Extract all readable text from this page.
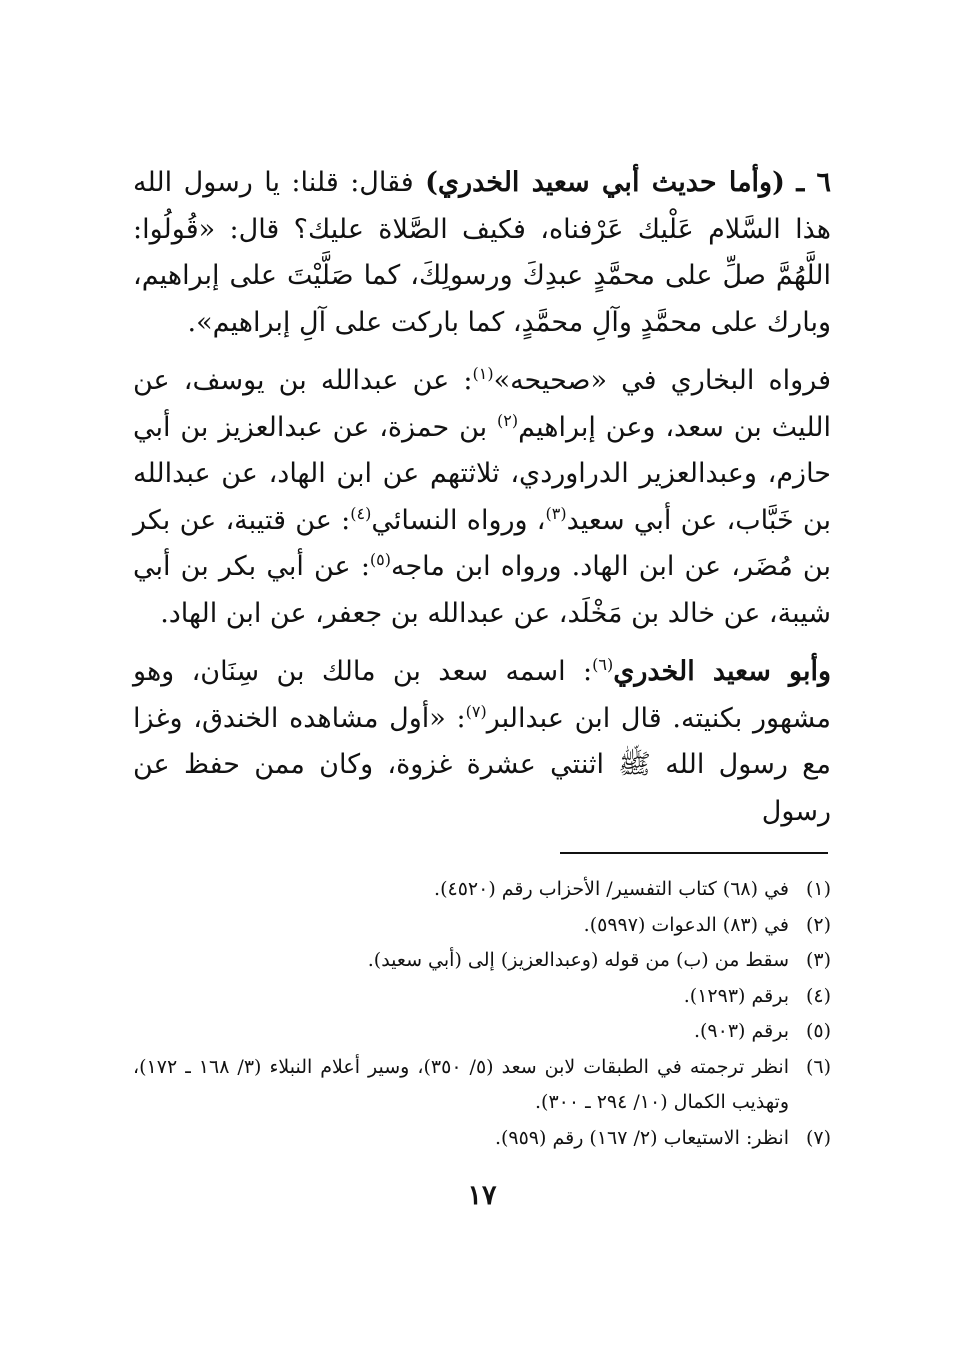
٦ ـ (وأما حديث أبي سعيد الخدري) فقال: قلنا: يا رسول الله هذا السَّلام عَلْيك عَرْفناه، فكيف الصَّلاة عليك؟ قال: «قُولُوا: اللَّهُمَّ صلِّ على محمَّدٍ عبدِكَ ورسولِكَ، كما صَلَّيْتَ على إبراهيم، وبارك على محمَّدٍ وآلِ محمَّدٍ، كما باركت على آلِ إبراهيم».

فرواه البخاري في «صحيحه»$^{(١)}$: عن عبدالله بن يوسف، عن الليث بن سعد، وعن إبراهيم$^{(٢)}$ بن حمزة، عن عبدالعزيز بن أبي حازم، وعبدالعزير الدراوردي، ثلاثتهم عن ابن الهاد، عن عبدالله بن خَبَّاب، عن أبي سعيد$^{(٣)}$، ورواه النسائي$^{(٤)}$: عن قتيبة، عن بكر بن مُضَر، عن ابن الهاد. ورواه ابن ماجه$^{(٥)}$: عن أبي بكر بن أبي شيبة، عن خالد بن مَخْلَد، عن عبدالله بن جعفر، عن ابن الهاد.

وأبو سعيد الخدري$^{(٦)}$: اسمه سعد بن مالك بن سِنَان، وهو مشهور بكنيته. قال ابن عبدالبر$^{(٧)}$: «أول مشاهده الخندق، وغزا مع رسول الله ﷺ اثنتي عشرة غزوة، وكان ممن حفظ عن رسول

(١)
في (٦٨) كتاب التفسير/ الأحزاب رقم (٤٥٢٠).
(٢)
في (٨٣) الدعوات (٥٩٩٧).
(٣)
سقط من (ب) من قوله (وعبدالعزيز) إلى (أبي سعيد).
(٤)
برقم (١٢٩٣).
(٥)
برقم (٩٠٣).
(٦)
انظر ترجمته في الطبقات لابن سعد (٥/ ٣٥٠)، وسير أعلام النبلاء (٣/ ١٦٨ ـ ١٧٢)، وتهذيب الكمال (١٠/ ٢٩٤ ـ ٣٠٠).
(٧)
انظر: الاستيعاب (٢/ ١٦٧) رقم (٩٥٩).
١٧
